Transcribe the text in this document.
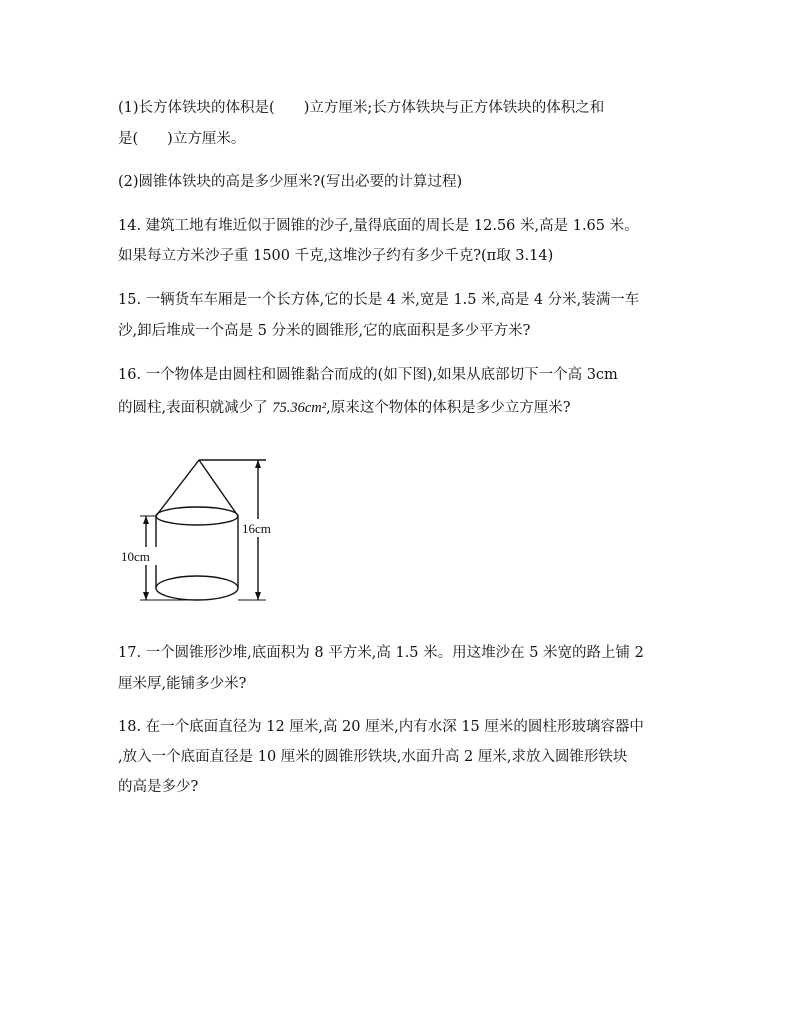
(1)长方体铁块的体积是(　　)立方厘米;长方体铁块与正方体铁块的体积之和
是(　　)立方厘米。
(2)圆锥体铁块的高是多少厘米?(写出必要的计算过程)
14. 建筑工地有堆近似于圆锥的沙子,量得底面的周长是 12.56 米,高是 1.65 米。
如果每立方米沙子重 1500 千克,这堆沙子约有多少千克?(π取 3.14)
15. 一辆货车车厢是一个长方体,它的长是 4 米,宽是 1.5 米,高是 4 分米,装满一车
沙,卸后堆成一个高是 5 分米的圆锥形,它的底面积是多少平方米?
16. 一个物体是由圆柱和圆锥黏合而成的(如下图),如果从底部切下一个高 3cm
的圆柱,表面积就减少了 75.36cm²,原来这个物体的体积是多少立方厘米?
16cm
10cm
17. 一个圆锥形沙堆,底面积为 8 平方米,高 1.5 米。用这堆沙在 5 米宽的路上铺 2
厘米厚,能铺多少米?
18. 在一个底面直径为 12 厘米,高 20 厘米,内有水深 15 厘米的圆柱形玻璃容器中
,放入一个底面直径是 10 厘米的圆锥形铁块,水面升高 2 厘米,求放入圆锥形铁块
的高是多少?
